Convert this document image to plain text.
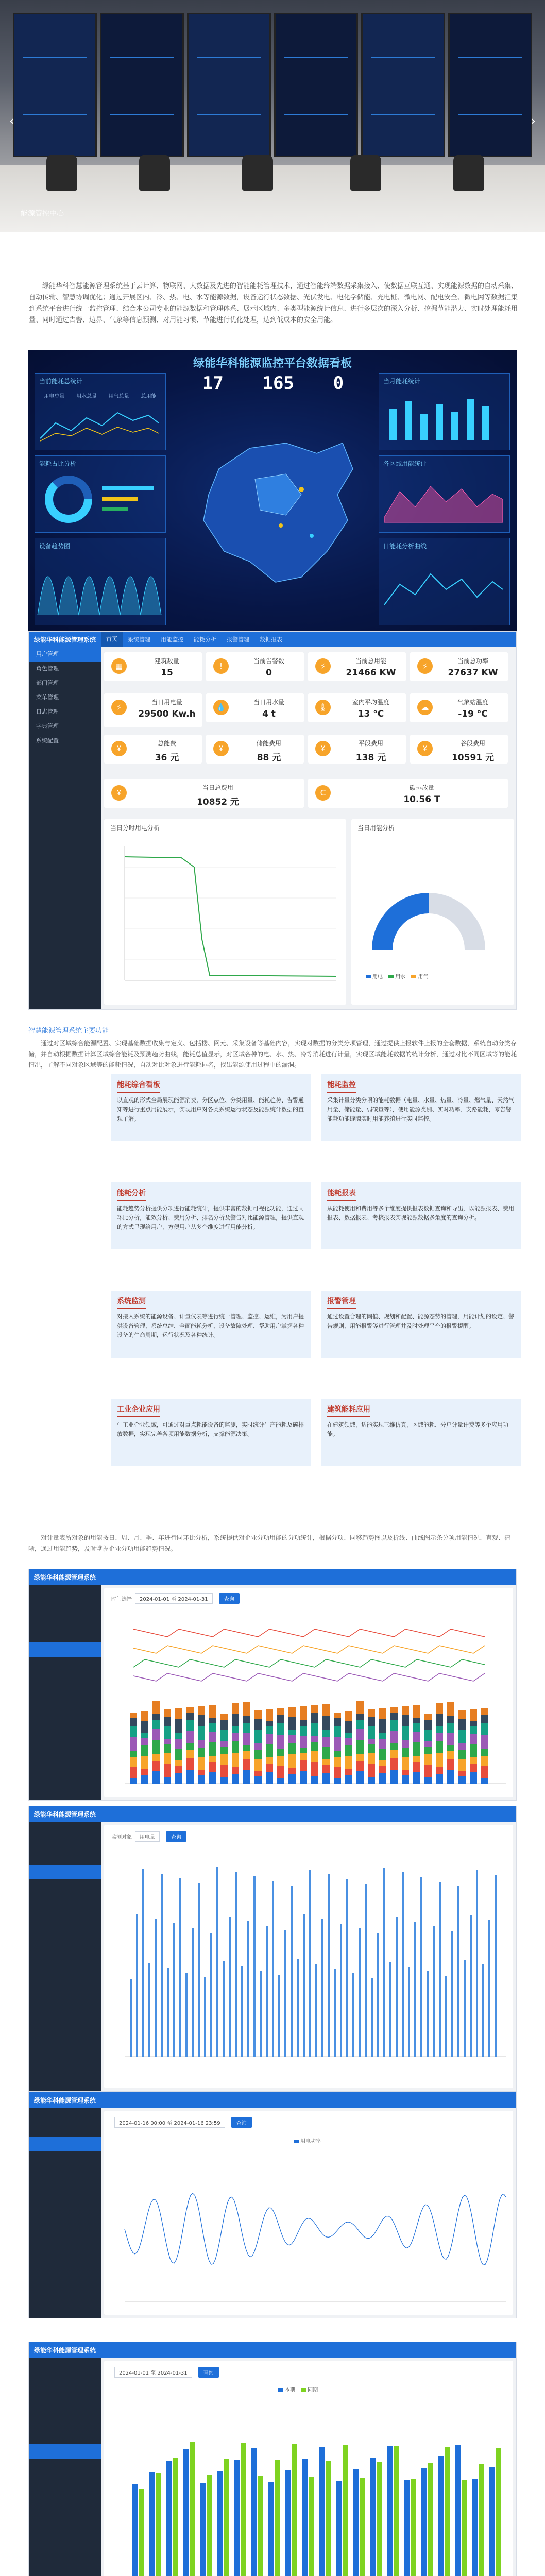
‹	›
能源管控中心

绿能华科智慧能源管理系统基于云计算、物联网、大数据及先进的智能能耗管理技术，通过智能终端数据采集接入、使数据互联互通、实现能源数据的自动采集、自动传输、智慧协调优化；通过开展区内、冷、热、电、水等能源数据，设备运行状态数据、光伏发电、电化学储能、充电桩、微电网、配电安全、微电网等数据汇集到系统平台进行统一监控管理、结合本公司专业的能源数据和管理体系、展示区域内、多类型能源统计信息、进行多层次的深入分析、挖掘节能潜力、实时处理能耗用量、同时通过告警、边界、气象等信息预测、对用能习惯、节能进行优化处理，达到低成本的安全用能。

绿能华科能源监控平台数据看板
当前能耗总统计
用电总量 用水总量 用气总量 总用能
能耗占比分析
设备趋势图
17 165 0	当月能耗统计
各区域用能统计
日能耗分析曲线
绿能华科能源管理系统	首页	系统管理	用能监控	能耗分析	报警管理	数据报表
用户管理
角色管理
部门管理
菜单管理
日志管理
字典管理
系统配置
当日分时用电分析	当日用能分析
用电 用水 用气
▦
建筑数量
15
!
当前告警数
0
⚡
当前总用能
21466 KW
⚡
当前总功率
27637 KW
⚡
当日用电量
29500 Kw.h
💧
当日用水量
4 t
🌡
室内平均温度
13 °C
☁
气象站温度
-19 °C
¥
总能费
36 元
¥
储能费用
88 元
¥
平段费用
138 元
¥
谷段费用
10591 元
¥
当日总费用
10852 元
C
碳排放量
10.56 T
智慧能源管理系统主要功能

通过对区域综合能源配置、实现基础数据收集与定义、包括楼、网元、采集设备等基础内容，实现对数据的分类分项管理，通过提供上报软件上报的全套数据，系统自动分类存储，并自动根据数据计算区域综合能耗及预测趋势曲线，能耗总值显示，对区域各种的电、水、热、冷等消耗进行计量，实现区域能耗数据的统计分析，通过对比不同区域等的能耗情况，了解不同对象区域等的能耗情况，自动对比对象进行能耗排名，找出能源使用过程中的漏洞。

能耗综合看板

以直观的形式全局展现能源消费，分区点位、分类用量、能耗趋势、告警通知等进行重点用能展示，实现用户对各类系统运行状态及能源统计数据的直观了解。

能耗监控

采集计量分类分项的能耗数据（电量、水量、热量、冷量、燃气量、天然气用量、储能量、弱碳量等），使用能源类别、实时功率、支路能耗，零告警能耗功能缝隙实时用能养殖进行实时监控。

能耗分析

能耗趋势分析提供分项进行能耗统计，提供丰富的数据可视化功能，通过同环比分析，能效分析、费用分析、排名分析及警告对比能源管理，提供直观的方式呈现给用户，方便用户从多个维度进行用能分析。

能耗报表

从能耗使用和费用等多个维度提供报表数据查询和导出，以能源报表、费用报表、数据报表、考核报表实现能源数据多角度的查询分析。

系统监测

对接入系统的能源设备、计量仪表等进行统一管理、监控、运维，为用户提供设备管理、系统总结、全面能耗分析、设备故障处理、帮助用户掌握各种设备的生命周期，运行状况及各种统计。

报警管理

通过设置合理的阈值、规划和配置、能源态势的管理，用能计划的设定、警告规则、用能报警等进行管理并及时处理平台的报警提醒。

工业企业应用

生工业企业领域，可通过对重点耗能设备的监测，实时统计生产能耗及碳排放数据，实现完善各项用能数据分析，支撑能源决策。

建筑能耗应用

在建筑领域，适能实现三维仿真，区域能耗、分户计量计费等多个应用功能。

对计量表所对象的用能按日、周、月、季、年进行同环比分析，系统提供对企业分项用能的分项统计，根据分项、同移趋势图以及折线、曲线图示条分项用能情况、直观、清晰，通过用能趋势，及时掌握企业分项用能趋势情况。

绿能华科能源管理系统
时间选择 2024-01-01 至 2024-01-31	查询
绿能华科能源管理系统
监测对象 用电量	查询
绿能华科能源管理系统
2024-01-16 00:00 至 2024-01-16 23:59	查询
用电功率
绿能华科能源管理系统
2024-01-01 至 2024-01-31	查询
本期 同期
